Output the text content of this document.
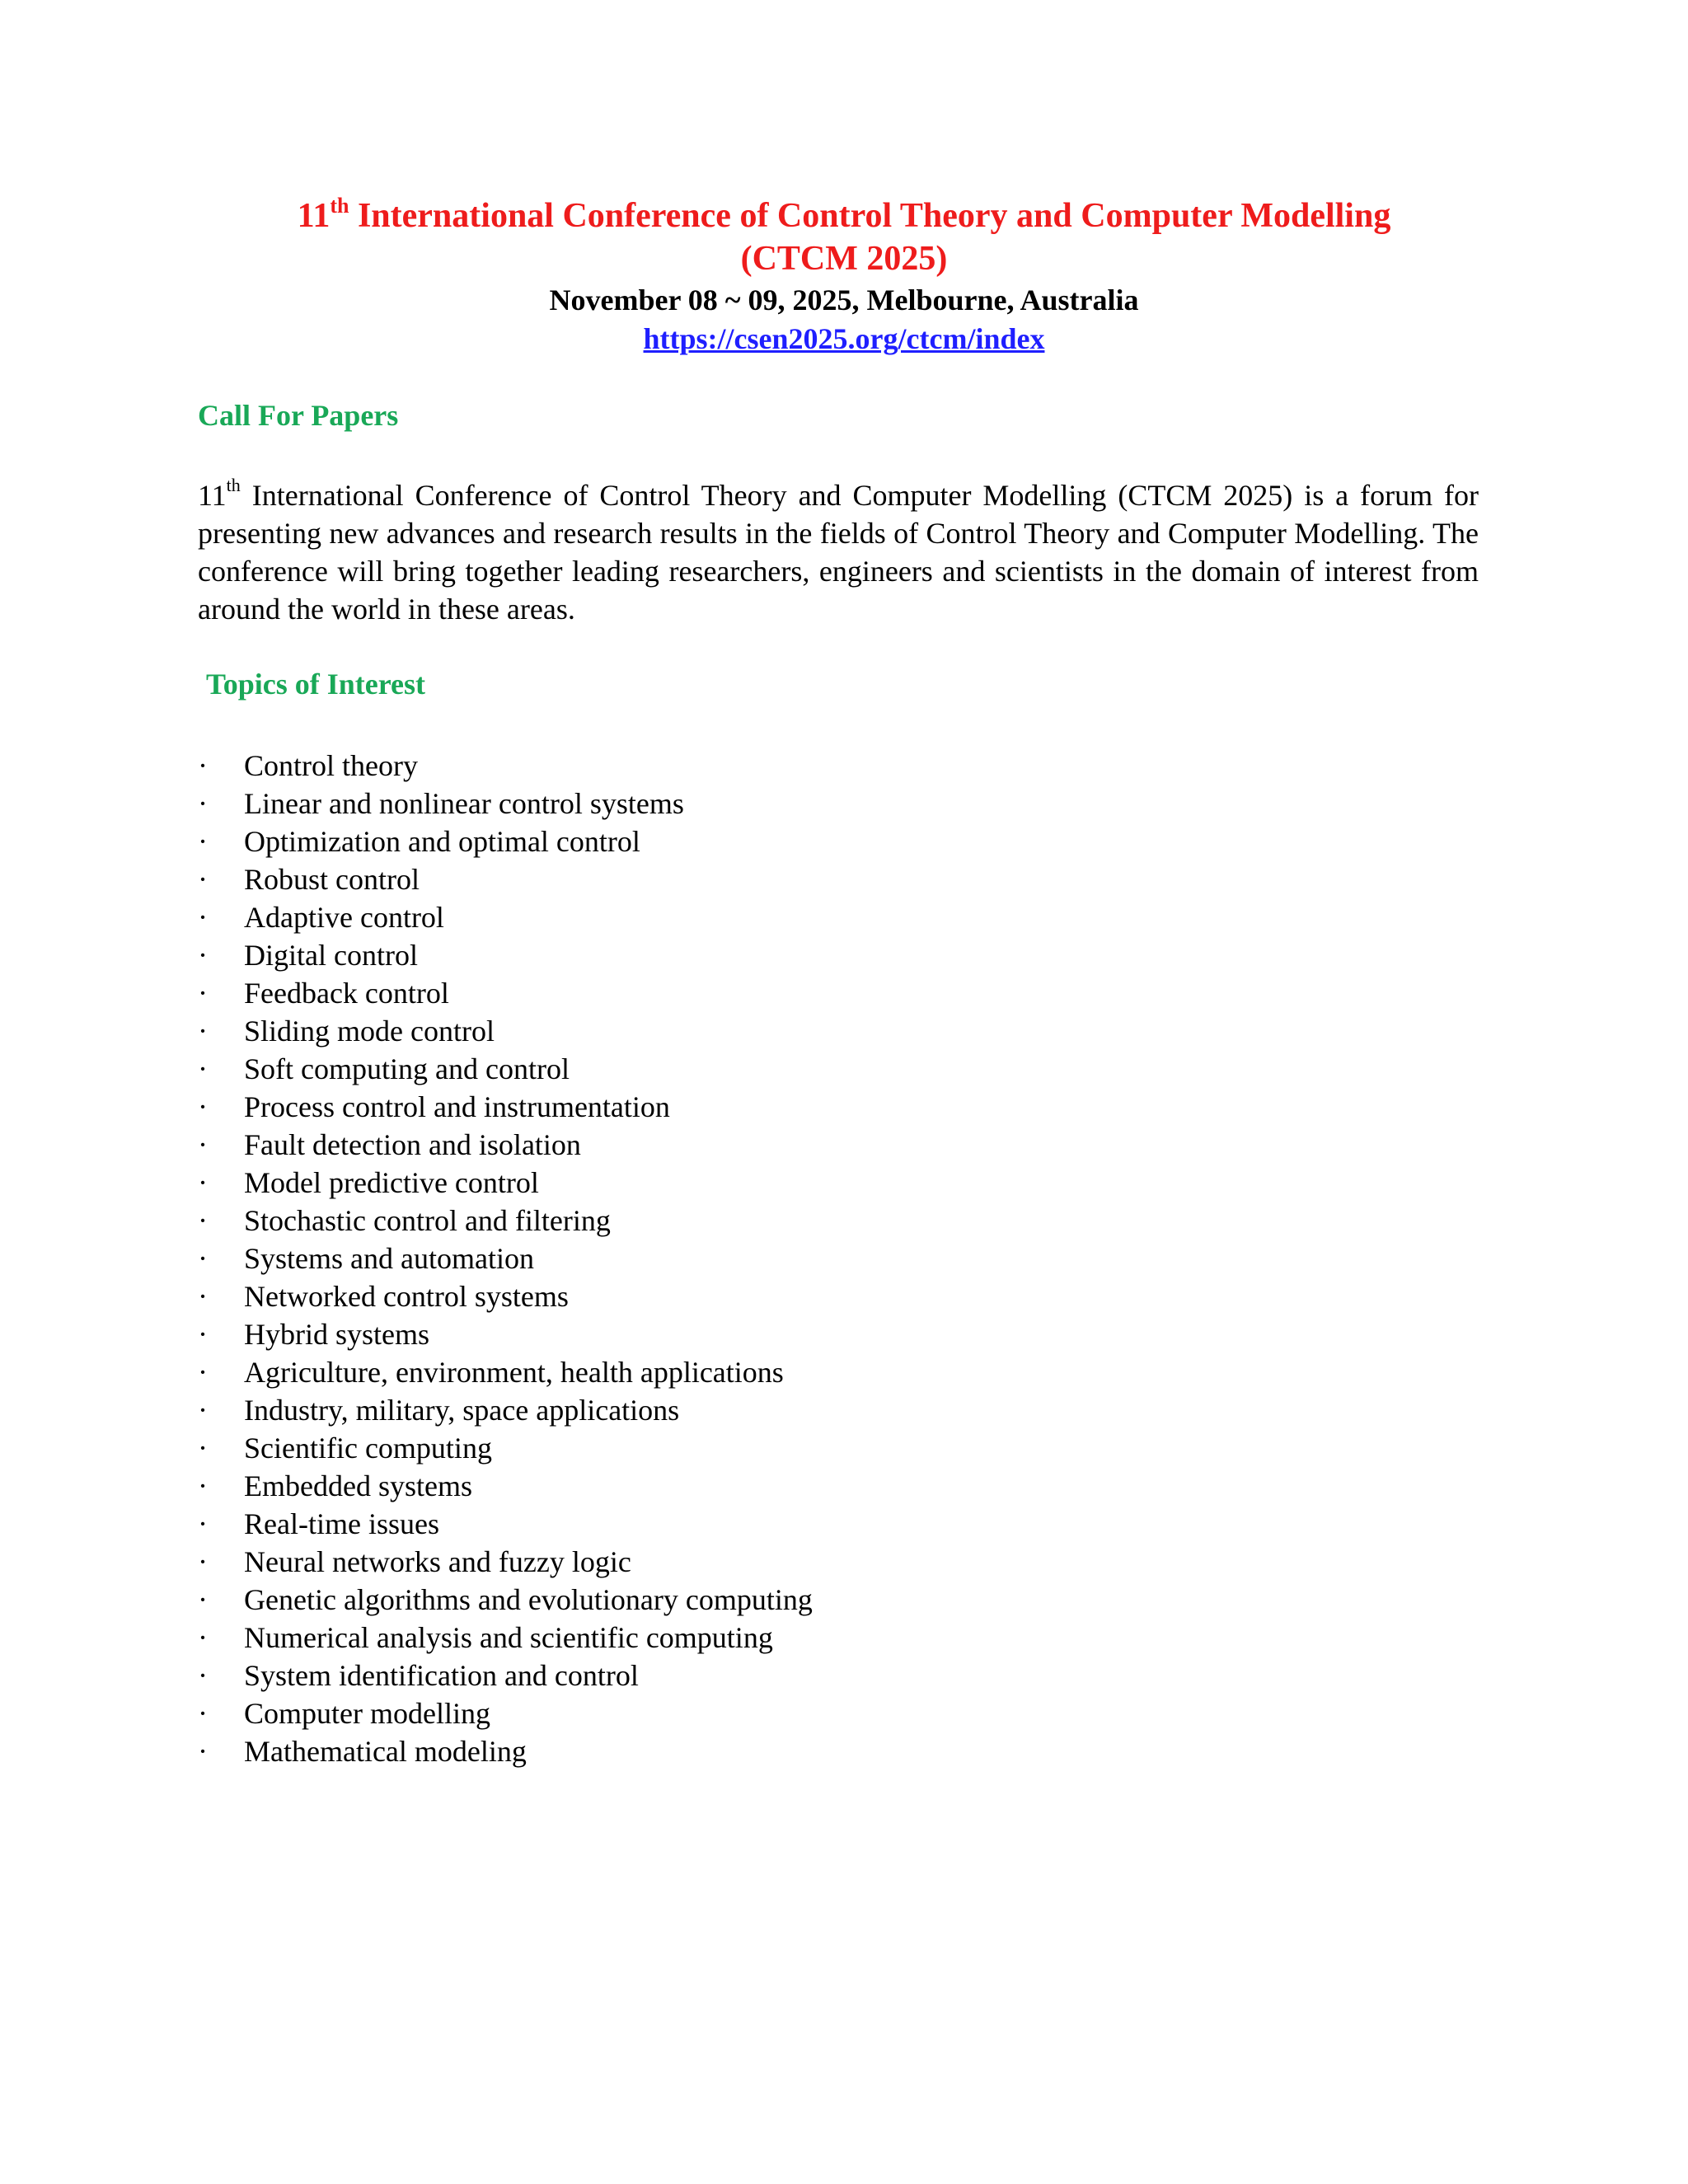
11th International Conference of Control Theory and Computer Modelling
(CTCM 2025)
November 08 ~ 09, 2025, Melbourne, Australia
https://csen2025.org/ctcm/index
Call For Papers
11th International Conference of Control Theory and Computer Modelling (CTCM 2025) is a forum for presenting new advances and research results in the fields of Control Theory and Computer Modelling. The conference will bring together leading researchers, engineers and scientists in the domain of interest from around the world in these areas.
Topics of Interest
·	Control theory
·	Linear and nonlinear control systems
·	Optimization and optimal control
·	Robust control
·	Adaptive control
·	Digital control
·	Feedback control
·	Sliding mode control
·	Soft computing and control
·	Process control and instrumentation
·	Fault detection and isolation
·	Model predictive control
·	Stochastic control and filtering
·	Systems and automation
·	Networked control systems
·	Hybrid systems
·	Agriculture, environment, health applications
·	Industry, military, space applications
·	Scientific computing
·	Embedded systems
·	Real-time issues
·	Neural networks and fuzzy logic
·	Genetic algorithms and evolutionary computing
·	Numerical analysis and scientific computing
·	System identification and control
·	Computer modelling
·	Mathematical modeling
